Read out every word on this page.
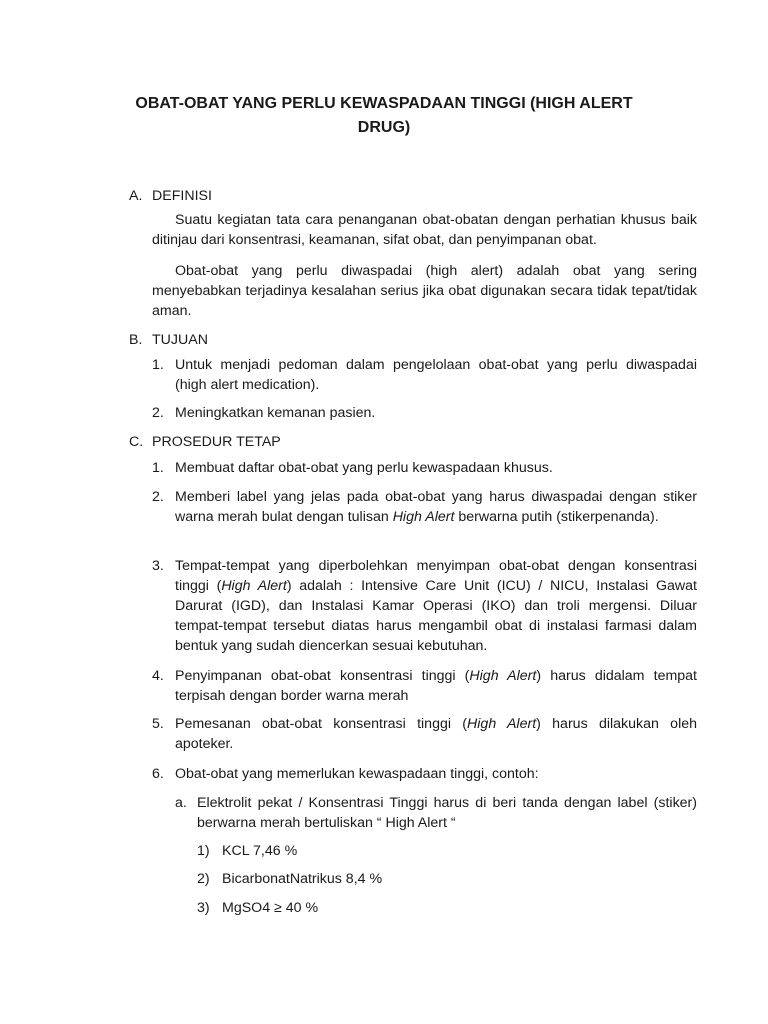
OBAT-OBAT YANG PERLU KEWASPADAAN TINGGI (HIGH ALERT DRUG)
A. DEFINISI
Suatu kegiatan tata cara penanganan obat-obatan dengan perhatian khusus baik ditinjau dari konsentrasi, keamanan, sifat obat, dan penyimpanan obat.
Obat-obat yang perlu diwaspadai (high alert) adalah obat yang sering menyebabkan terjadinya kesalahan serius jika obat digunakan secara tidak tepat/tidak aman.
B. TUJUAN
1. Untuk menjadi pedoman dalam pengelolaan obat-obat yang perlu diwaspadai (high alert medication).
2. Meningkatkan kemanan pasien.
C. PROSEDUR TETAP
1. Membuat daftar obat-obat yang perlu kewaspadaan khusus.
2. Memberi label yang jelas pada obat-obat yang harus diwaspadai dengan stiker warna merah bulat dengan tulisan High Alert berwarna putih (stikerpenanda).
3. Tempat-tempat yang diperbolehkan menyimpan obat-obat dengan konsentrasi tinggi (High Alert) adalah : Intensive Care Unit (ICU) / NICU, Instalasi Gawat Darurat (IGD), dan Instalasi Kamar Operasi (IKO) dan troli mergensi. Diluar tempat-tempat tersebut diatas harus mengambil obat di instalasi farmasi dalam bentuk yang sudah diencerkan sesuai kebutuhan.
4. Penyimpanan obat-obat konsentrasi tinggi (High Alert) harus didalam tempat terpisah dengan border warna merah
5. Pemesanan obat-obat konsentrasi tinggi (High Alert) harus dilakukan oleh apoteker.
6. Obat-obat yang memerlukan kewaspadaan tinggi, contoh:
a. Elektrolit pekat / Konsentrasi Tinggi harus di beri tanda dengan label (stiker) berwarna merah bertuliskan “ High Alert “
1) KCL 7,46 %
2) BicarbonatNatrikus 8,4 %
3) MgSO4 ≥ 40 %
